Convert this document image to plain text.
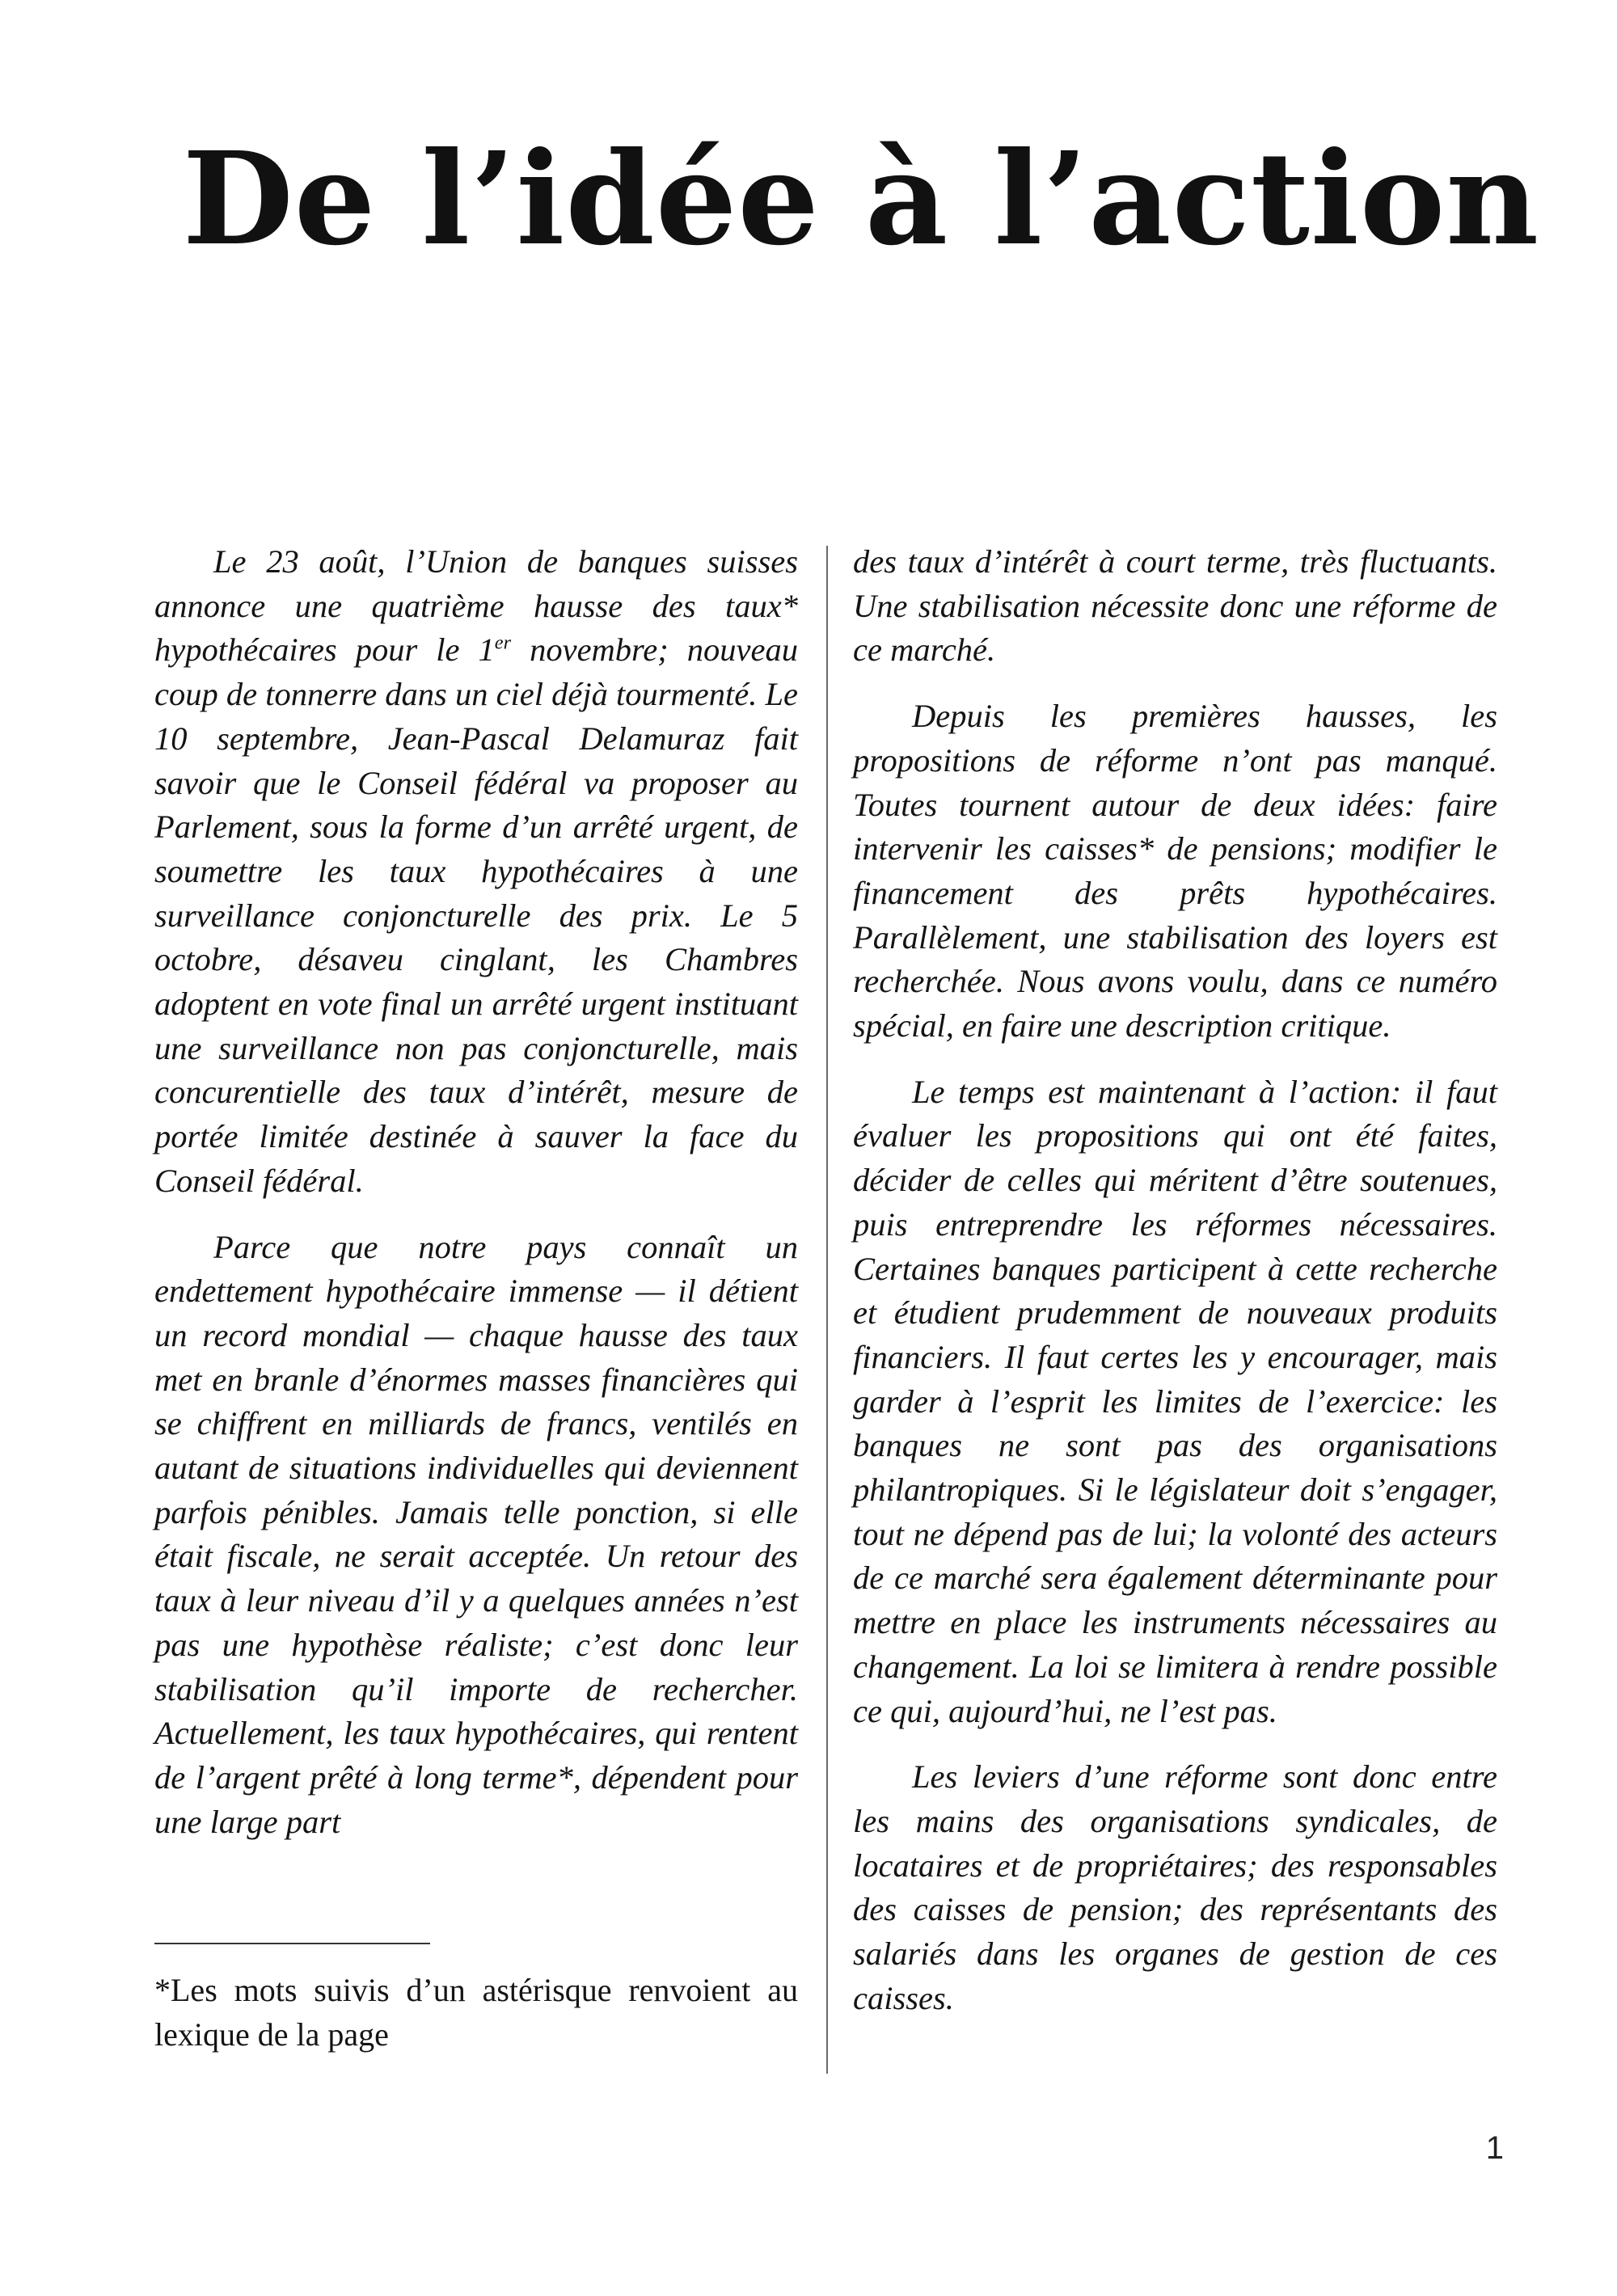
De l’idée à l’action

Le 23 août, l’Union de banques suisses annonce une quatrième hausse des taux* hypothécaires pour le 1er novembre; nouveau coup de tonnerre dans un ciel déjà tourmenté. Le 10 septembre, Jean-Pascal Delamuraz fait savoir que le Conseil fédéral va proposer au Parlement, sous la forme d’un arrêté urgent, de soumettre les taux hypothécaires à une surveillance conjoncturelle des prix. Le 5 octobre, désaveu cinglant, les Chambres adoptent en vote final un arrêté urgent instituant une surveillance non pas conjoncturelle, mais concurentielle des taux d’intérêt, mesure de portée limitée destinée à sauver la face du Conseil fédéral.

Parce que notre pays connaît un endettement hypothécaire immense — il détient un record mondial — chaque hausse des taux met en branle d’énormes masses financières qui se chiffrent en milliards de francs, ventilés en autant de situations individuelles qui deviennent parfois pénibles. Jamais telle ponction, si elle était fiscale, ne serait acceptée. Un retour des taux à leur niveau d’il y a quelques années n’est pas une hypothèse réaliste; c’est donc leur stabilisation qu’il importe de rechercher. Actuellement, les taux hypothécaires, qui rentent de l’argent prêté à long terme*, dépendent pour une large part

des taux d’intérêt à court terme, très fluctuants. Une stabilisation nécessite donc une réforme de ce marché.

Depuis les premières hausses, les propositions de réforme n’ont pas manqué. Toutes tournent autour de deux idées: faire intervenir les caisses* de pensions; modifier le financement des prêts hypothécaires. Parallèlement, une stabilisation des loyers est recherchée. Nous avons voulu, dans ce numéro spécial, en faire une description critique.

Le temps est maintenant à l’action: il faut évaluer les propositions qui ont été faites, décider de celles qui méritent d’être soutenues, puis entreprendre les réformes nécessaires. Certaines banques participent à cette recherche et étudient prudemment de nouveaux produits financiers. Il faut certes les y encourager, mais garder à l’esprit les limites de l’exercice: les banques ne sont pas des organisations philantropiques. Si le législateur doit s’engager, tout ne dépend pas de lui; la volonté des acteurs de ce marché sera également déterminante pour mettre en place les instruments nécessaires au changement. La loi se limitera à rendre possible ce qui, aujourd’hui, ne l’est pas.

Les leviers d’une réforme sont donc entre les mains des organisations syndicales, de locataires et de propriétaires; des responsables des caisses de pension; des représentants des salariés dans les organes de gestion de ces caisses.

*Les mots suivis d’un astérisque renvoient au lexique de la page

1
